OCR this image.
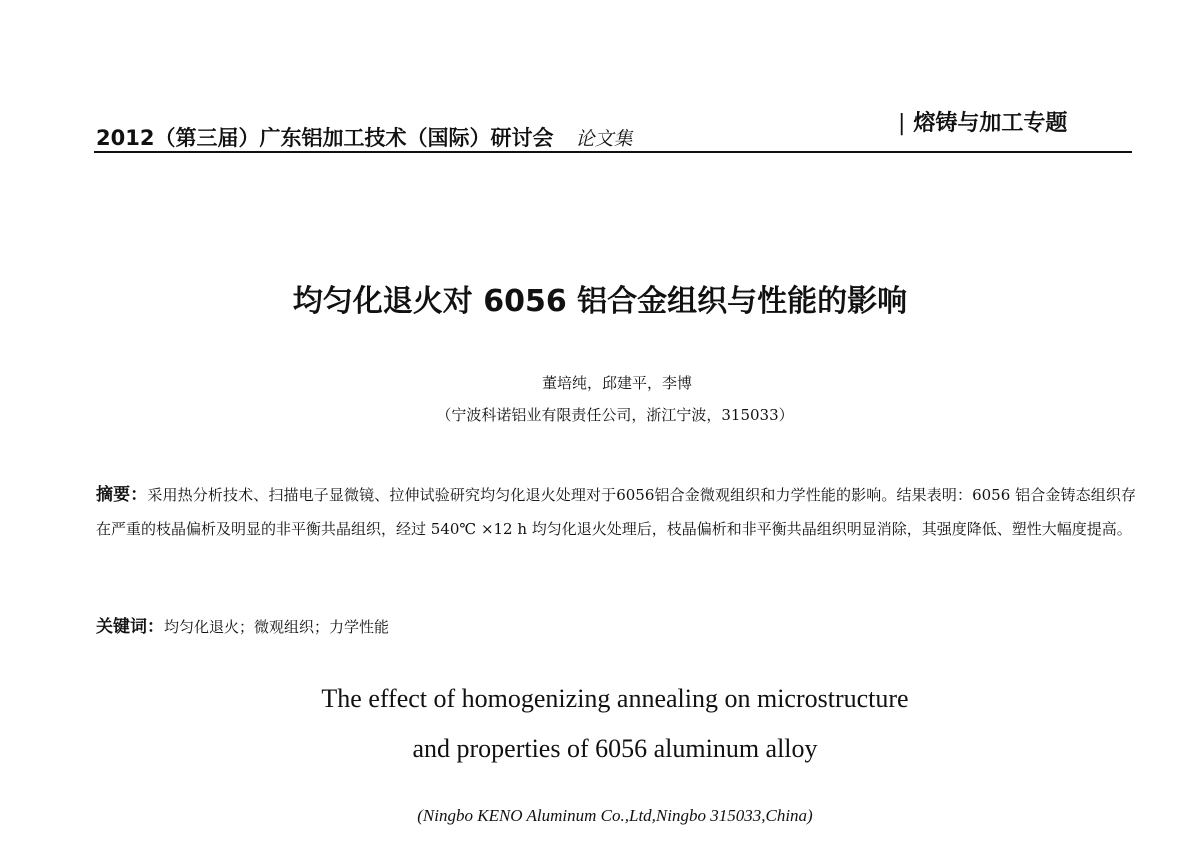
2012（第三届）广东铝加工技术（国际）研讨会 论文集
| 熔铸与加工专题
均匀化退火对 6056 铝合金组织与性能的影响
董培纯，邱建平，李博
（宁波科诺铝业有限责任公司，浙江宁波，315033）
摘要：采用热分析技术、扫描电子显微镜、拉伸试验研究均匀化退火处理对于6056铝合金微观组织和力学性能的影响。结果表明：6056 铝合金铸态组织存在严重的枝晶偏析及明显的非平衡共晶组织，经过 540℃ ×12 h 均匀化退火处理后，枝晶偏析和非平衡共晶组织明显消除，其强度降低、塑性大幅度提高。
关键词：均匀化退火；微观组织；力学性能
The effect of homogenizing annealing on microstructure
and properties of 6056 aluminum alloy
(Ningbo KENO Aluminum Co.,Ltd,Ningbo 315033,China)
